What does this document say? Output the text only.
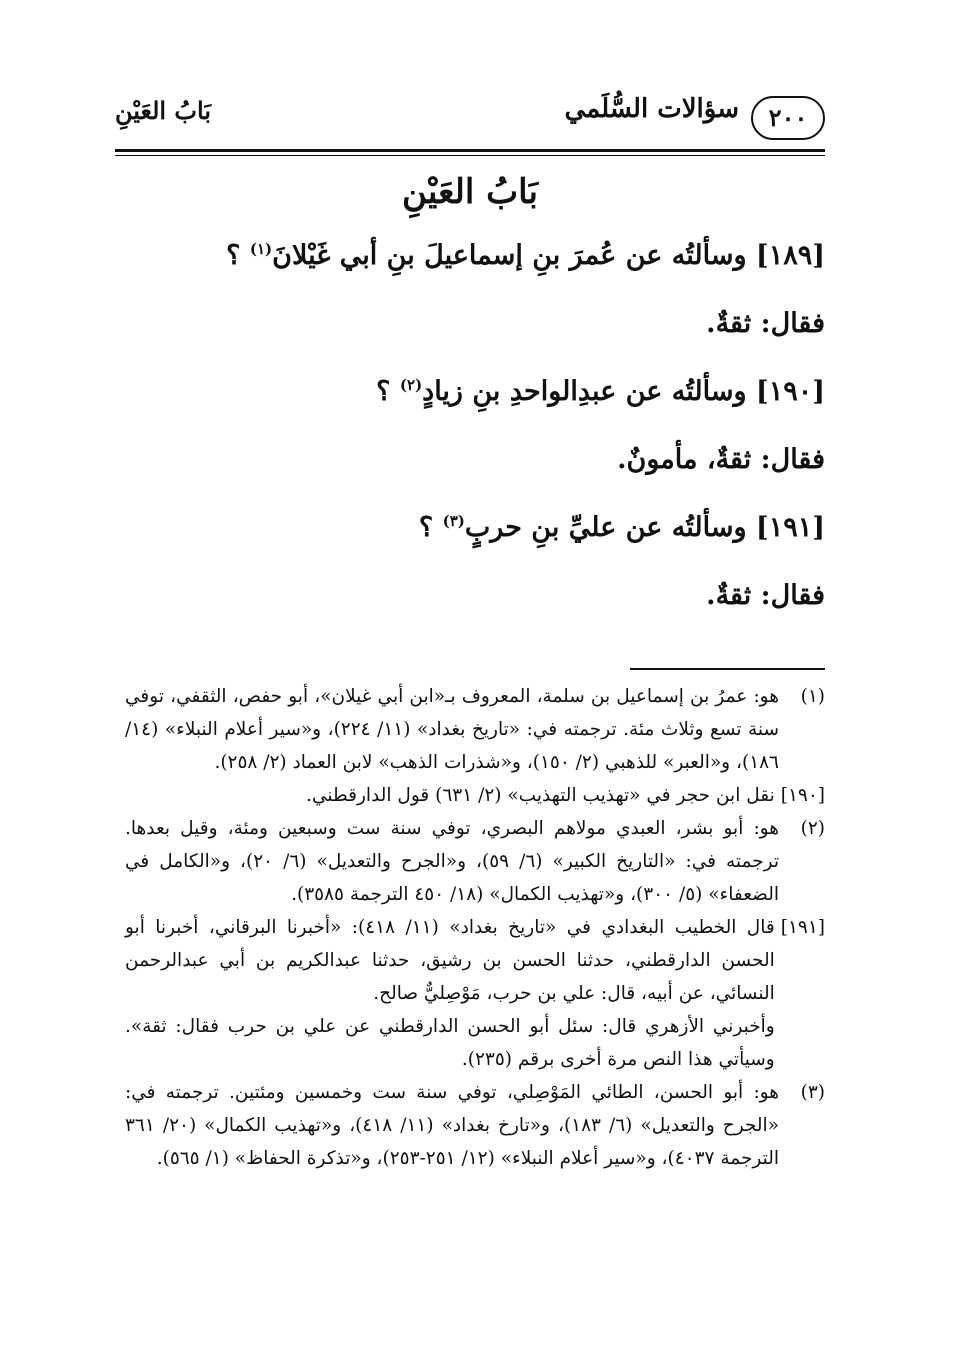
٢٠٠
سؤالات السُّلَمي
بَابُ العَيْنِ
بَابُ العَيْنِ
[١٨٩] وسألتُه عن عُمرَ بنِ إسماعيلَ بنِ أبي غَيْلانَ$^{(١)}$ ؟
فقال: ثقةٌ.
[١٩٠] وسألتُه عن عبدِالواحدِ بنِ زيادٍ$^{(٢)}$ ؟
فقال: ثقةٌ، مأمونٌ.
[١٩١] وسألتُه عن عليِّ بنِ حربٍ$^{(٣)}$ ؟
فقال: ثقةٌ.
(١)

هو: عمرُ بن إسماعيل بن سلمة، المعروف بـ«ابن أبي غيلان»، أبو حفص، الثقفي، توفي سنة تسع وثلاث مئة. ترجمته في: «تاريخ بغداد» (١١/ ٢٢٤)، و«سير أعلام النبلاء» (١٤/ ١٨٦)، و«العبر» للذهبي (٢/ ١٥٠)، و«شذرات الذهب» لابن العماد (٢/ ٢٥٨).

[١٩٠]

نقل ابن حجر في «تهذيب التهذيب» (٢/ ٦٣١) قول الدارقطني.

(٢)

هو: أبو بشر، العبدي مولاهم البصري، توفي سنة ست وسبعين ومئة، وقيل بعدها. ترجمته في: «التاريخ الكبير» (٦/ ٥٩)، و«الجرح والتعديل» (٦/ ٢٠)، و«الكامل في الضعفاء» (٥/ ٣٠٠)، و«تهذيب الكمال» (١٨/ ٤٥٠ الترجمة ٣٥٨٥).

[١٩١]

قال الخطيب البغدادي في «تاريخ بغداد» (١١/ ٤١٨): «أخبرنا البرقاني، أخبرنا أبو الحسن الدارقطني، حدثنا الحسن بن رشيق، حدثنا عبدالكريم بن أبي عبدالرحمن النسائي، عن أبيه، قال: علي بن حرب، مَوْصِليٌّ صالح.

وأخبرني الأزهري قال: سئل أبو الحسن الدارقطني عن علي بن حرب فقال: ثقة». وسيأتي هذا النص مرة أخرى برقم (٢٣٥).

(٣)

هو: أبو الحسن، الطائي المَوْصِلي، توفي سنة ست وخمسين ومئتين. ترجمته في: «الجرح والتعديل» (٦/ ١٨٣)، و«تارخ بغداد» (١١/ ٤١٨)، و«تهذيب الكمال» (٢٠/ ٣٦١ الترجمة ٤٠٣٧)، و«سير أعلام النبلاء» (١٢/ ٢٥١-٢٥٣)، و«تذكرة الحفاظ» (١/ ٥٦٥).
